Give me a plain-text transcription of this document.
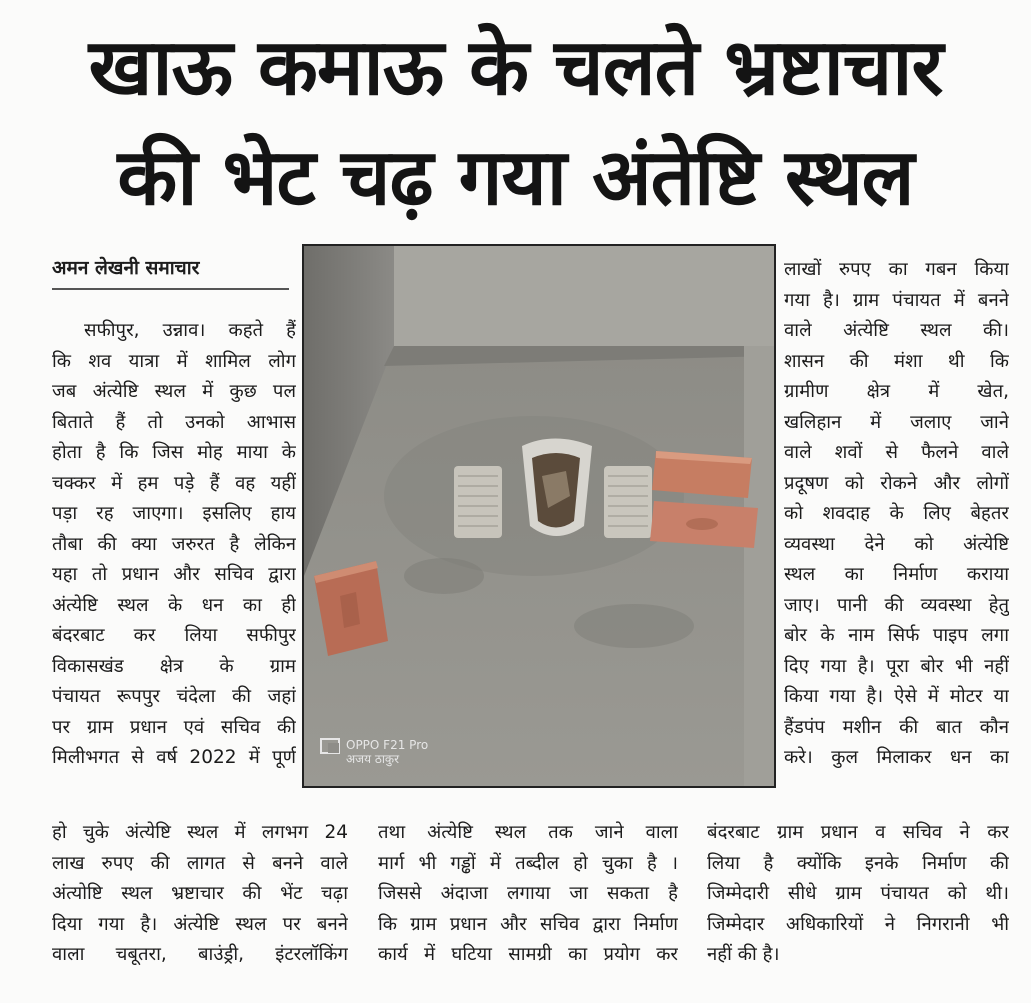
खाऊ कमाऊ के चलते भ्रष्टाचार
की भेट चढ़ गया अंतेष्टि स्थल
अमन लेखनी समाचार
सफीपुर, उन्नाव। कहते हैं
कि शव यात्रा में शामिल लोग
जब अंत्येष्टि स्थल में कुछ पल
बिताते हैं तो उनको आभास
होता है कि जिस मोह माया के
चक्कर में हम पड़े हैं वह यहीं
पड़ा रह जाएगा। इसलिए हाय
तौबा की क्या जरुरत है लेकिन
यहा तो प्रधान और सचिव द्वारा
अंत्येष्टि स्थल के धन का ही
बंदरबाट कर लिया सफीपुर
विकासखंड क्षेत्र के ग्राम
पंचायत रूपपुर चंदेला की जहां
पर ग्राम प्रधान एवं सचिव की
मिलीभगत से वर्ष 2022 में पूर्ण
हो चुके अंत्येष्टि स्थल में लगभग 24
लाख रुपए की लागत से बनने वाले
अंत्योष्टि स्थल भ्रष्टाचार की भेंट चढ़ा
दिया गया है। अंत्येष्टि स्थल पर बनने
वाला चबूतरा, बाउंड्री, इंटरलॉकिंग
तथा अंत्येष्टि स्थल तक जाने वाला
मार्ग भी गड्ढों में तब्दील हो चुका है ।
जिससे अंदाजा लगाया जा सकता है
कि ग्राम प्रधान और सचिव द्वारा निर्माण
कार्य में घटिया सामग्री का प्रयोग कर
लाखों रुपए का गबन किया
गया है। ग्राम पंचायत में बनने
वाले अंत्येष्टि स्थल की।
शासन की मंशा थी कि
ग्रामीण क्षेत्र में खेत,
खलिहान में जलाए जाने
वाले शवों से फैलने वाले
प्रदूषण को रोकने और लोगों
को शवदाह के लिए बेहतर
व्यवस्था देने को अंत्येष्टि
स्थल का निर्माण कराया
जाए। पानी की व्यवस्था हेतु
बोर के नाम सिर्फ पाइप लगा
दिए गया है। पूरा बोर भी नहीं
किया गया है। ऐसे में मोटर या
हैंडपंप मशीन की बात कौन
करे। कुल मिलाकर धन का
बंदरबाट ग्राम प्रधान व सचिव ने कर
लिया है क्योंकि इनके निर्माण की
जिम्मेदारी सीधे ग्राम पंचायत को थी।
जिम्मेदार अधिकारियों ने निगरानी भी
नहीं की है।
OPPO F21 Pro
अजय ठाकुर
